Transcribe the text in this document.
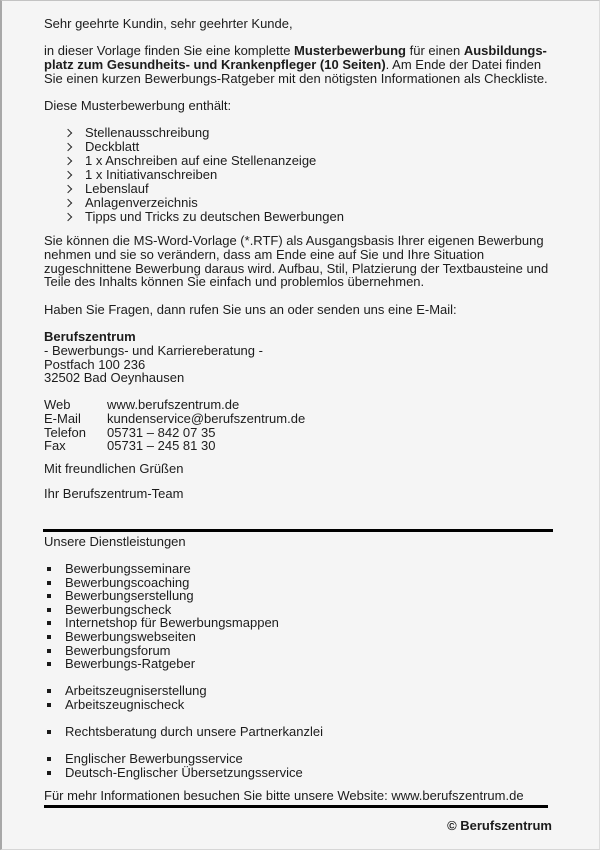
Sehr geehrte Kundin, sehr geehrter Kunde,
in dieser Vorlage finden Sie eine komplette Musterbewerbung für einen Ausbildungs-platz zum Gesundheits- und Krankenpfleger (10 Seiten). Am Ende der Datei finden Sie einen kurzen Bewerbungs-Ratgeber mit den nötigsten Informationen als Checkliste.
Diese Musterbewerbung enthält:
Stellenausschreibung
Deckblatt
1 x Anschreiben auf eine Stellenanzeige
1 x Initiativanschreiben
Lebenslauf
Anlagenverzeichnis
Tipps und Tricks zu deutschen Bewerbungen
Sie können die MS-Word-Vorlage (*.RTF) als Ausgangsbasis Ihrer eigenen Bewerbung nehmen und sie so verändern, dass am Ende eine auf Sie und Ihre Situation zugeschnittene Bewerbung daraus wird. Aufbau, Stil, Platzierung der Textbausteine und Teile des Inhalts können Sie einfach und problemlos übernehmen.
Haben Sie Fragen, dann rufen Sie uns an oder senden uns eine E-Mail:
Berufszentrum
- Bewerbungs- und Karriereberatung -
Postfach 100 236
32502 Bad Oeynhausen
Web	www.berufszentrum.de
E-Mail	kundenservice@berufszentrum.de
Telefon	05731 – 842 07 35
Fax	05731 – 245 81 30
Mit freundlichen Grüßen
Ihr Berufszentrum-Team
Unsere Dienstleistungen
Bewerbungsseminare
Bewerbungscoaching
Bewerbungserstellung
Bewerbungscheck
Internetshop für Bewerbungsmappen
Bewerbungswebseiten
Bewerbungsforum
Bewerbungs-Ratgeber
Arbeitszeugniserstellung
Arbeitszeugnischeck
Rechtsberatung durch unsere Partnerkanzlei
Englischer Bewerbungsservice
Deutsch-Englischer Übersetzungsservice
Für mehr Informationen besuchen Sie bitte unsere Website: www.berufszentrum.de
© Berufszentrum
